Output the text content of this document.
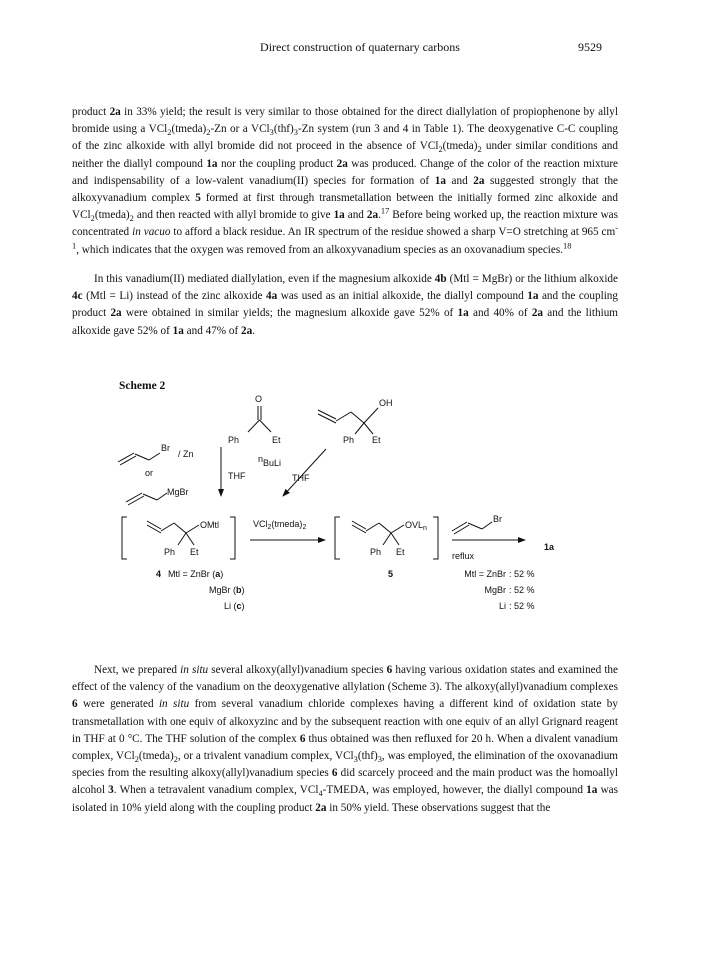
Direct construction of quaternary carbons	9529

product 2a in 33% yield; the result is very similar to those obtained for the direct diallylation of propiophenone by allyl bromide using a $VCl_2(tmeda)_2-Zn$ or a $VCl_3(thf)_3-Zn$ system (run 3 and 4 in Table 1). The deoxygenative C-C coupling of the zinc alkoxide with allyl bromide did not proceed in the absence of $VCl_2(tmeda)_2$ under similar conditions and neither the diallyl compound 1a nor the coupling product 2a was produced. Change of the color of the reaction mixture and indispensability of a low-valent vanadium(II) species for formation of 1a and 2a suggested strongly that the alkoxyvanadium complex 5 formed at first through transmetallation between the initially formed zinc alkoxide and $VCl_2(tmeda)_2$ and then reacted with allyl bromide to give 1a and 2a.$^{17}$ Before being worked up, the reaction mixture was concentrated in vacuo to afford a black residue. An IR spectrum of the residue showed a sharp V=O stretching at 965 $cm^{-1}$, which indicates that the oxygen was removed from an alkoxyvanadium species as an oxovanadium species.$^{18}$

In this vanadium(II) mediated diallylation, even if the magnesium alkoxide 4b (Mtl = MgBr) or the lithium alkoxide 4c (Mtl = Li) instead of the zinc alkoxide 4a was used as an initial alkoxide, the diallyl compound 1a and the coupling product 2a were obtained in similar yields; the magnesium alkoxide gave 52% of 1a and 40% of 2a and the lithium alkoxide gave 52% of 1a and 47% of 2a.

Scheme 2
O
Ph	Et
OH
Ph Et
Br
/ Zn
or
MgBr
THF
n BuLi
THF
OMtl
Ph Et
$VCl_2(tmeda)_2$	$OVL_n$
Ph Et
Br
reflux
1a
4	5
Mtl = ZnBr (a)
MgBr (b)
Li (c)
Mtl = ZnBr : 52 %
MgBr : 52 %
Li : 52 %

Next, we prepared in situ several alkoxy(allyl)vanadium species 6 having various oxidation states and examined the effect of the valency of the vanadium on the deoxygenative allylation (Scheme 3). The alkoxy(allyl)vanadium complexes 6 were generated in situ from several vanadium chloride complexes having a different kind of oxidation state by transmetallation with one equiv of alkoxyzinc and by the subsequent reaction with one equiv of an allyl Grignard reagent in THF at 0 °C. The THF solution of the complex 6 thus obtained was then refluxed for 20 h. When a divalent vanadium complex, $VCl_2(tmeda)_2$, or a trivalent vanadium complex, $VCl_3(thf)_3$, was employed, the elimination of the oxovanadium species from the resulting alkoxy(allyl)vanadium species 6 did scarcely proceed and the main product was the homoallyl alcohol 3. When a tetravalent vanadium complex, VCl$_4$-TMEDA, was employed, however, the diallyl compound 1a was isolated in 10% yield along with the coupling product 2a in 50% yield. These observations suggest that the
